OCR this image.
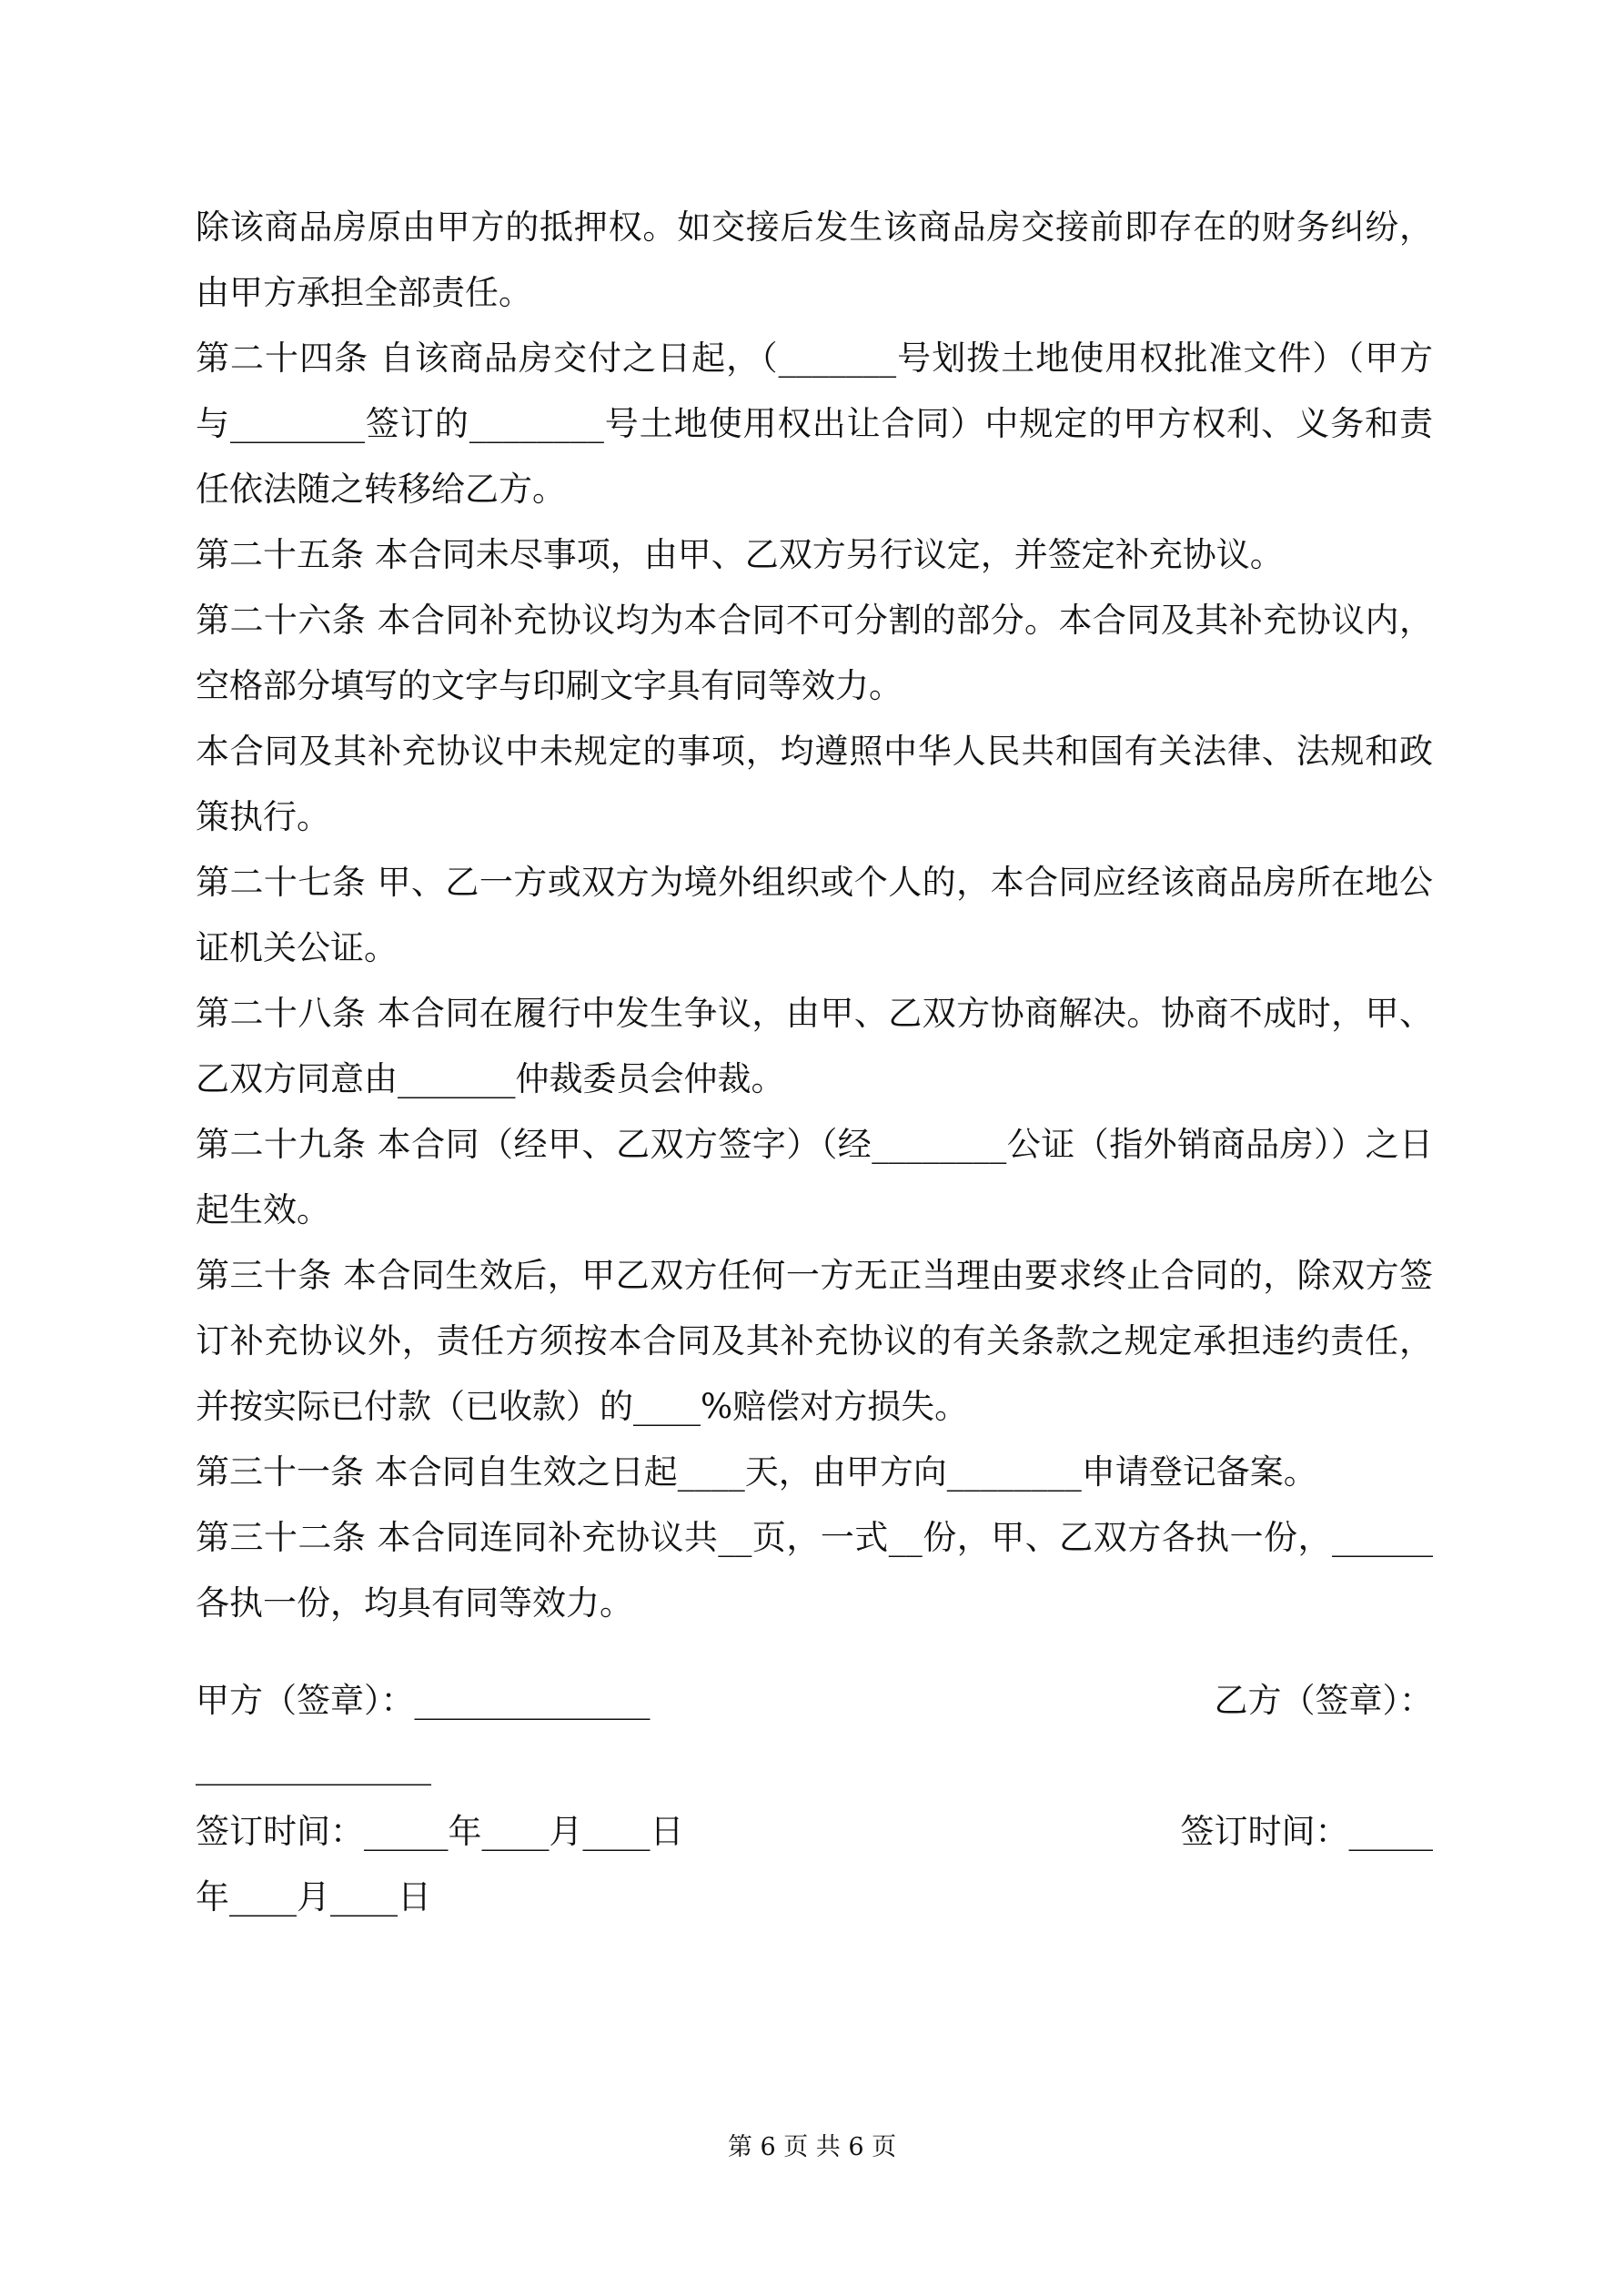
除该商品房原由甲方的抵押权。如交接后发生该商品房交接前即存在的财务纠纷，由甲方承担全部责任。

第二十四条 自该商品房交付之日起，（_______号划拨土地使用权批准文件）（甲方与________签订的________号土地使用权出让合同）中规定的甲方权利、义务和责任依法随之转移给乙方。

第二十五条 本合同未尽事项，由甲、乙双方另行议定，并签定补充协议。

第二十六条 本合同补充协议均为本合同不可分割的部分。本合同及其补充协议内，空格部分填写的文字与印刷文字具有同等效力。

本合同及其补充协议中未规定的事项，均遵照中华人民共和国有关法律、法规和政策执行。

第二十七条 甲、乙一方或双方为境外组织或个人的，本合同应经该商品房所在地公证机关公证。

第二十八条 本合同在履行中发生争议，由甲、乙双方协商解决。协商不成时，甲、乙双方同意由_______仲裁委员会仲裁。

第二十九条 本合同（经甲、乙双方签字）（经________公证（指外销商品房））之日起生效。

第三十条 本合同生效后，甲乙双方任何一方无正当理由要求终止合同的，除双方签订补充协议外，责任方须按本合同及其补充协议的有关条款之规定承担违约责任，并按实际已付款（已收款）的____%赔偿对方损失。

第三十一条 本合同自生效之日起____天，由甲方向________申请登记备案。

第三十二条 本合同连同补充协议共__页，一式__份，甲、乙双方各执一份，______各执一份，均具有同等效力。

甲方（签章）：______________	乙方（签章）：
______________
签订时间：_____年____月____日	签订时间：_____
年____月____日
第 6 页 共 6 页
